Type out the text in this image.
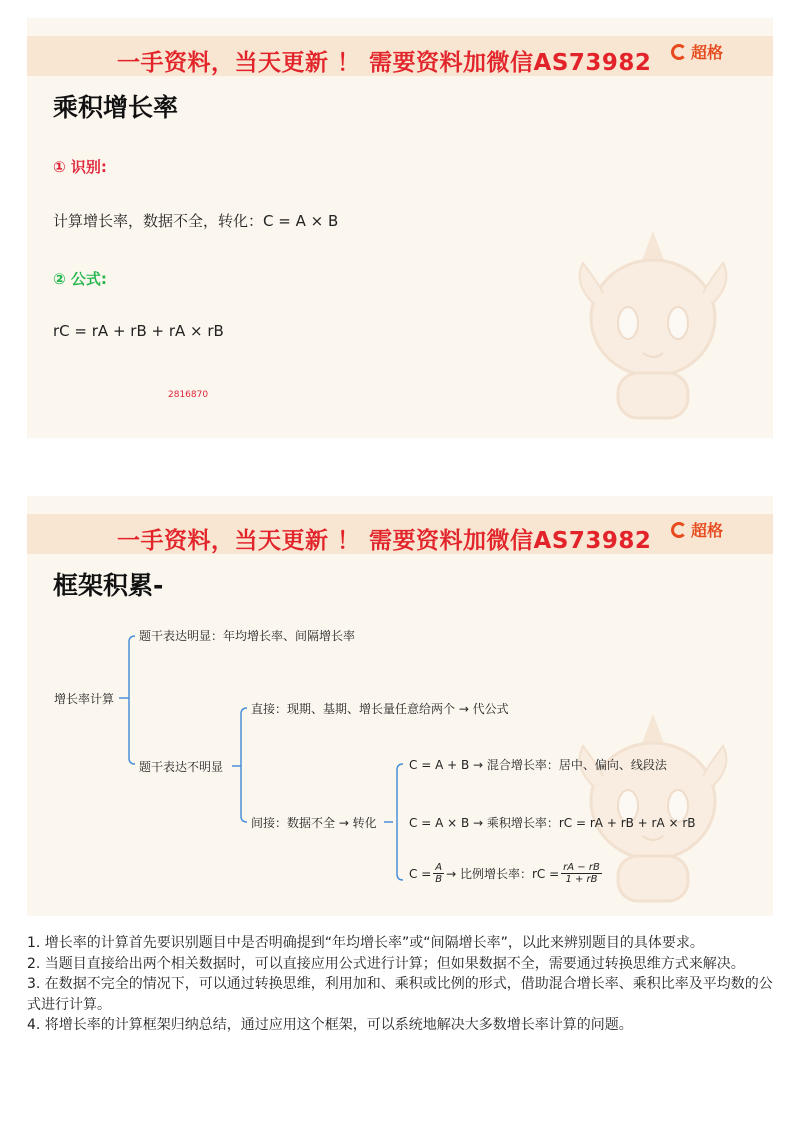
一手资料，当天更新 ！ 需要资料加微信AS73982 超格
乘积增长率
① 识别:
计算增长率，数据不全，转化：C = A × B
② 公式:
rC = rA + rB + rA × rB
2816870
一手资料，当天更新 ！ 需要资料加微信AS73982 超格
框架积累-
增长率计算
题干表达明显：年均增长率、间隔增长率
题干表达不明显
直接：现期、基期、增长量任意给两个 → 代公式
间接：数据不全 → 转化
C = A + B → 混合增长率：居中、偏向、线段法
C = A × B → 乘积增长率：rC = rA + rB + rA × rB
$C = \frac{A}{B}$ → 比例增长率：rC = $\frac{rA - rB}{1 + rB}$

1. 增长率的计算首先要识别题目中是否明确提到“年均增长率”或“间隔增长率”，以此来辨别题目的具体要求。

2. 当题目直接给出两个相关数据时，可以直接应用公式进行计算；但如果数据不全，需要通过转换思维方式来解决。

3. 在数据不完全的情况下，可以通过转换思维，利用加和、乘积或比例的形式，借助混合增长率、乘积比率及平均数的公式进行计算。

4. 将增长率的计算框架归纳总结，通过应用这个框架，可以系统地解决大多数增长率计算的问题。
